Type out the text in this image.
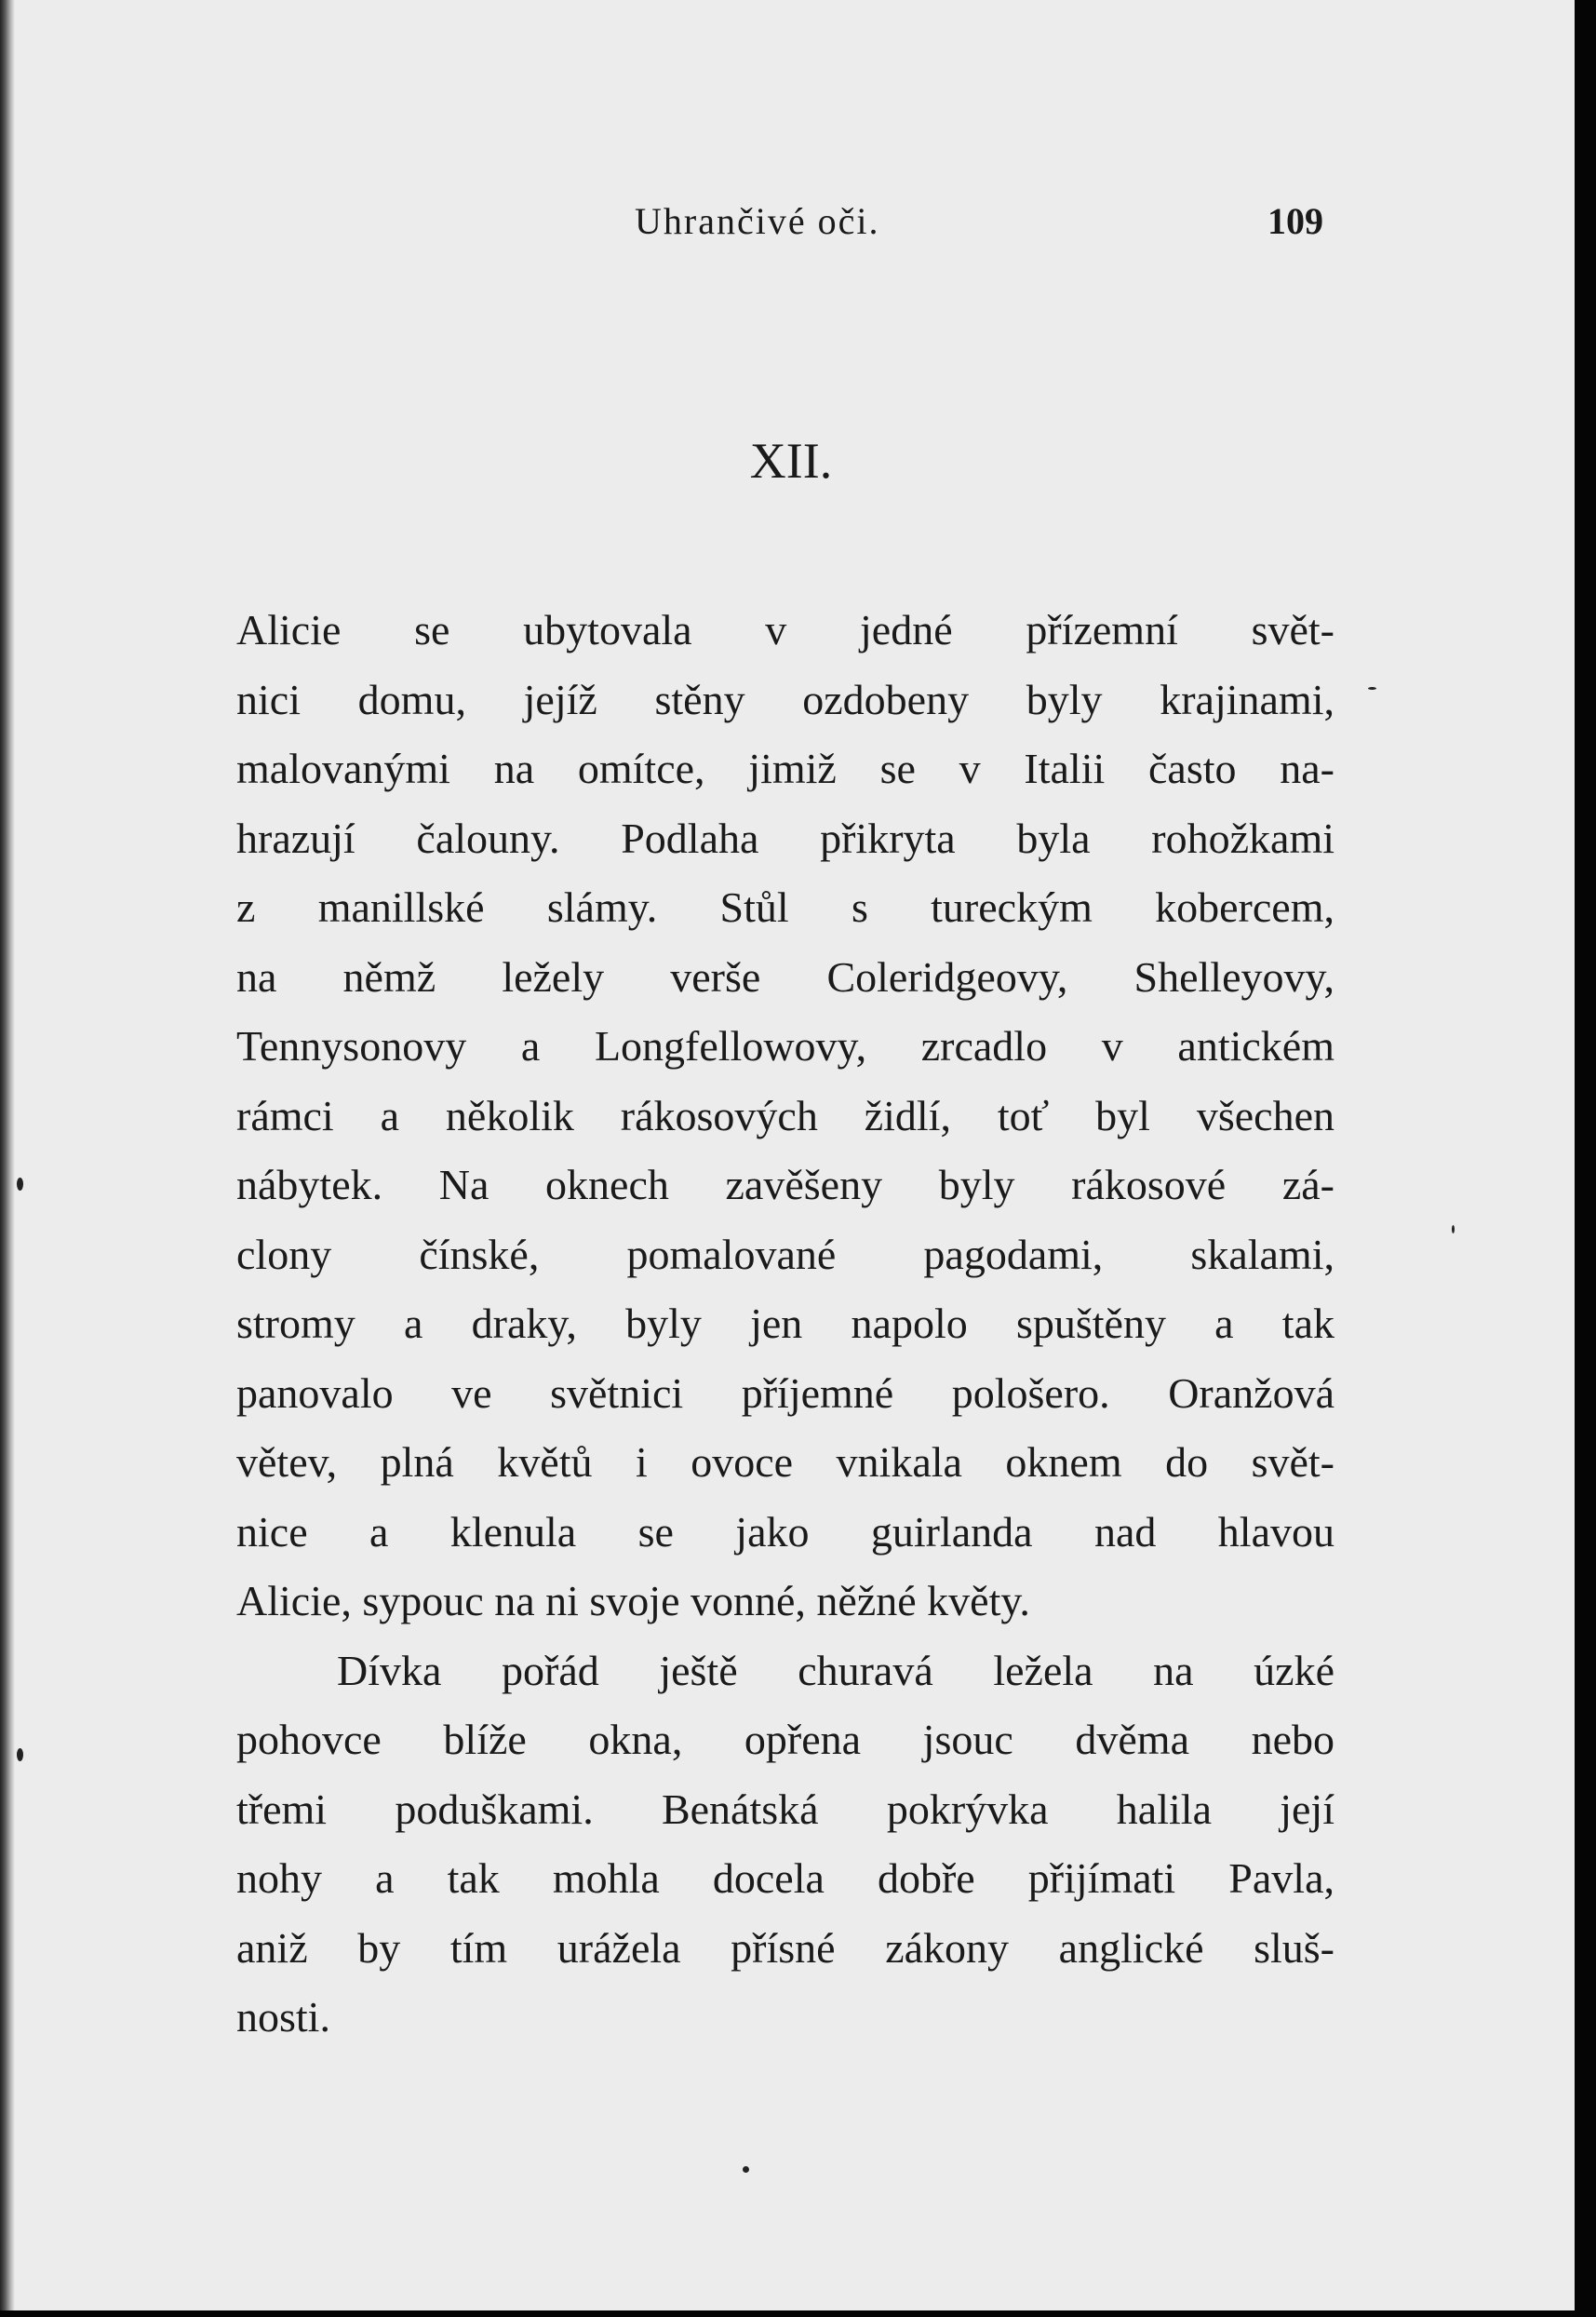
Uhrančivé oči.	109
XII.
Alicie se ubytovala v jedné přízemní svět-
nici domu, jejíž stěny ozdobeny byly krajinami,
malovanými na omítce, jimiž se v Italii často na-
hrazují čalouny. Podlaha přikryta byla rohožkami
z manillské slámy. Stůl s tureckým kobercem,
na němž ležely verše Coleridgeovy, Shelleyovy,
Tennysonovy a Longfellowovy, zrcadlo v antickém
rámci a několik rákosových židlí, toť byl všechen
nábytek. Na oknech zavěšeny byly rákosové zá-
clony čínské, pomalované pagodami, skalami,
stromy a draky, byly jen napolo spuštěny a tak
panovalo ve světnici příjemné pološero. Oranžová
větev, plná květů i ovoce vnikala oknem do svět-
nice a klenula se jako guirlanda nad hlavou
Alicie, sypouc na ni svoje vonné, něžné květy.
Dívka pořád ještě churavá ležela na úzké
pohovce blíže okna, opřena jsouc dvěma nebo
třemi poduškami. Benátská pokrývka halila její
nohy a tak mohla docela dobře přijímati Pavla,
aniž by tím urážela přísné zákony anglické sluš-
nosti.
